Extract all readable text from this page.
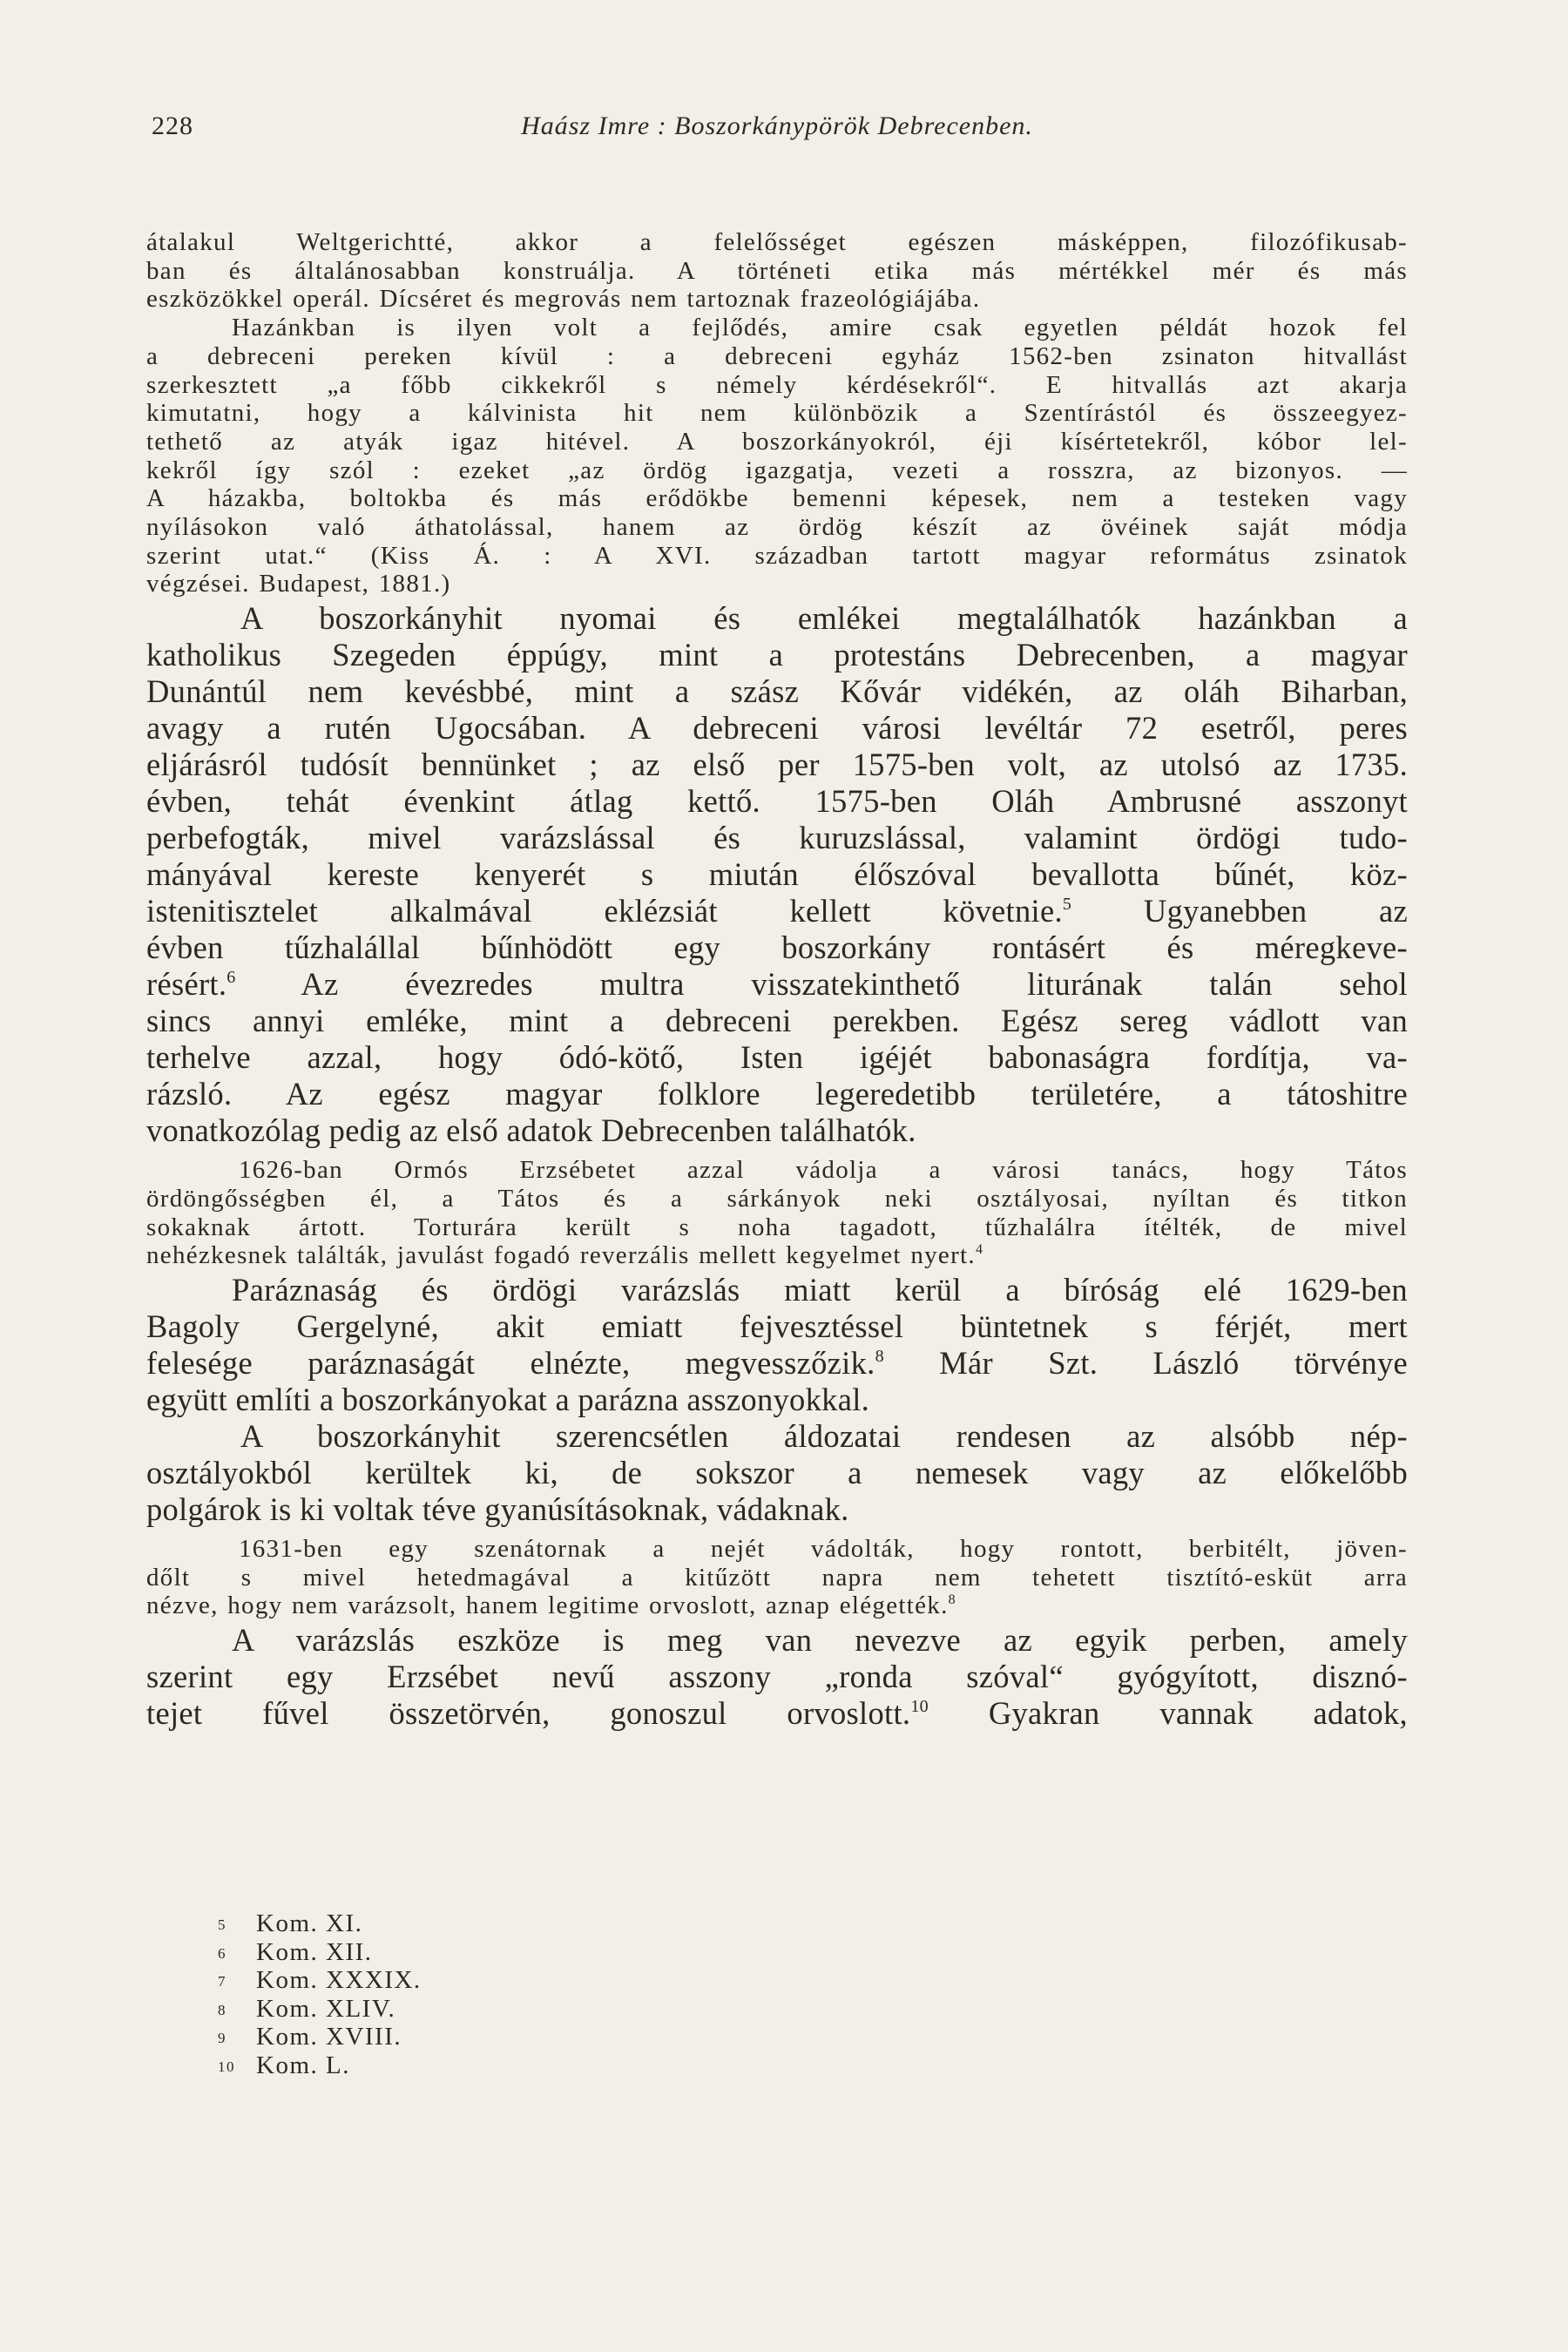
228	Haász Imre : Boszorkánypörök Debrecenben.

átalakul Weltgerichtté, akkor a felelősséget egészen másképpen, filozófikusab-
ban és általánosabban konstruálja. A történeti etika más mértékkel mér és más
eszközökkel operál. Dícséret és megrovás nem tartoznak frazeológiájába.

Hazánkban is ilyen volt a fejlődés, amire csak egyetlen példát hozok fel
a debreceni pereken kívül : a debreceni egyház 1562-ben zsinaton hitvallást
szerkesztett „a főbb cikkekről s némely kérdésekről“. E hitvallás azt akarja
kimutatni, hogy a kálvinista hit nem különbözik a Szentírástól és összeegyez-
tethető az atyák igaz hitével. A boszorkányokról, éji kísértetekről, kóbor lel-
kekről így szól : ezeket „az ördög igazgatja, vezeti a rosszra, az bizonyos. —
A házakba, boltokba és más erődökbe bemenni képesek, nem a testeken vagy
nyílásokon való áthatolással, hanem az ördög készít az övéinek saját módja
szerint utat.“ (Kiss Á. : A XVI. században tartott magyar református zsinatok
végzései. Budapest, 1881.)

A boszorkányhit nyomai és emlékei megtalálhatók hazánkban a
katholikus Szegeden éppúgy, mint a protestáns Debrecenben, a magyar
Dunántúl nem kevésbbé, mint a szász Kővár vidékén, az oláh Biharban,
avagy a rutén Ugocsában. A debreceni városi levéltár 72 esetről, peres
eljárásról tudósít bennünket ; az első per 1575-ben volt, az utolsó az 1735.
évben, tehát évenkint átlag kettő. 1575-ben Oláh Ambrusné asszonyt
perbefogták, mivel varázslással és kuruzslással, valamint ördögi tudo-
mányával kereste kenyerét s miután élőszóval bevallotta bűnét, köz-
istenitisztelet alkalmával eklézsiát kellett követnie.$^5$ Ugyanebben az
évben tűzhalállal bűnhödött egy boszorkány rontásért és méregkeve-
résért.$^6$ Az évezredes multra visszatekinthető liturának talán sehol
sincs annyi emléke, mint a debreceni perekben. Egész sereg vádlott van
terhelve azzal, hogy ódó-kötő, Isten igéjét babonaságra fordítja, va-
rázsló. Az egész magyar folklore legeredetibb területére, a tátoshitre
vonatkozólag pedig az első adatok Debrecenben találhatók.

1626-ban Ormós Erzsébetet azzal vádolja a városi tanács, hogy Tátos
ördöngősségben él, a Tátos és a sárkányok neki osztályosai, nyíltan és titkon
sokaknak ártott. Torturára került s noha tagadott, tűzhalálra ítélték, de mivel
nehézkesnek találták, javulást fogadó reverzális mellett kegyelmet nyert.$^4$

Paráznaság és ördögi varázslás miatt kerül a bíróság elé 1629-ben
Bagoly Gergelyné, akit emiatt fejvesztéssel büntetnek s férjét, mert
felesége paráznaságát elnézte, megvesszőzik.$^8$ Már Szt. László törvénye
együtt említi a boszorkányokat a parázna asszonyokkal.

A boszorkányhit szerencsétlen áldozatai rendesen az alsóbb nép-
osztályokból kerültek ki, de sokszor a nemesek vagy az előkelőbb
polgárok is ki voltak téve gyanúsításoknak, vádaknak.

1631-ben egy szenátornak a nejét vádolták, hogy rontott, berbitélt, jöven-
dőlt s mivel hetedmagával a kitűzött napra nem tehetett tisztító-esküt arra
nézve, hogy nem varázsolt, hanem legitime orvoslott, aznap elégették.$^8$

A varázslás eszköze is meg van nevezve az egyik perben, amely
szerint egy Erzsébet nevű asszony „ronda szóval“ gyógyított, disznó-
tejet fűvel összetörvén, gonoszul orvoslott.$^{10}$ Gyakran vannak adatok,

5	Kom. XI.
6	Kom. XII.
7	Kom. XXXIX.
8	Kom. XLIV.
9	Kom. XVIII.
10 Kom. L.
